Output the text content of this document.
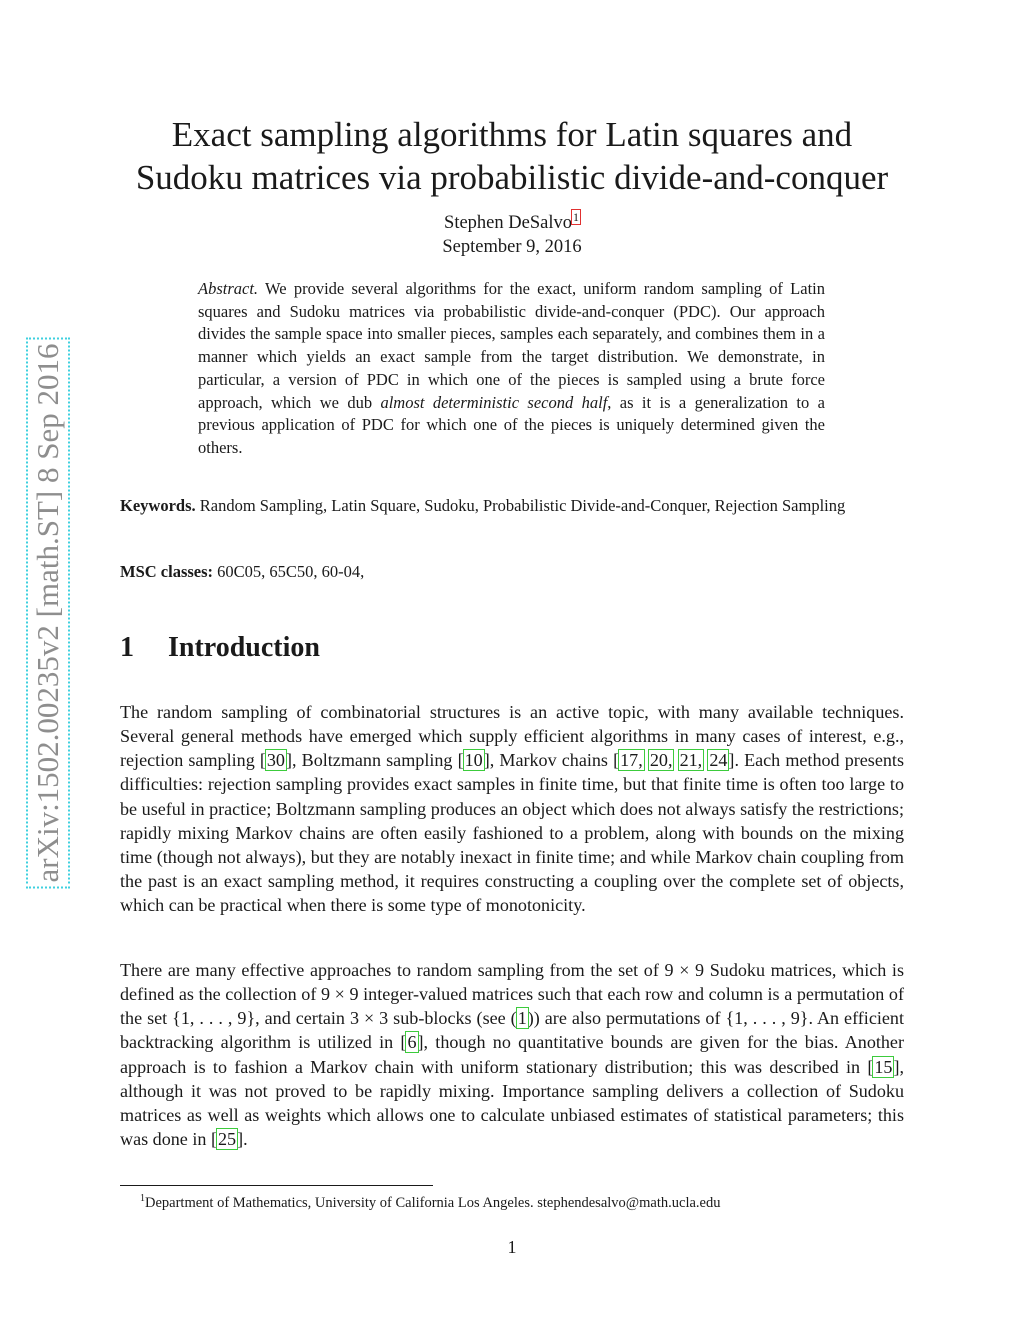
arXiv:1502.00235v2 [math.ST] 8 Sep 2016
Exact sampling algorithms for Latin squares and
Sudoku matrices via probabilistic divide-and-conquer
Stephen DeSalvo$^1$
September 9, 2016

Abstract. We provide several algorithms for the exact, uniform random sampling of Latin squares and Sudoku matrices via probabilistic divide-and-conquer (PDC). Our approach divides the sample space into smaller pieces, samples each separately, and combines them in a manner which yields an exact sample from the target distribution. We demonstrate, in particular, a version of PDC in which one of the pieces is sampled using a brute force approach, which we dub almost deterministic second half, as it is a generalization to a previous application of PDC for which one of the pieces is uniquely determined given the others.

Keywords. Random Sampling, Latin Square, Sudoku, Probabilistic Divide-and-Conquer, Rejection Sampling

MSC classes: 60C05, 65C50, 60-04,

1 Introduction

The random sampling of combinatorial structures is an active topic, with many available techniques. Several general methods have emerged which supply efficient algorithms in many cases of interest, e.g., rejection sampling [30], Boltzmann sampling [10], Markov chains [17, 20, 21, 24]. Each method presents difficulties: rejection sampling provides exact samples in finite time, but that finite time is often too large to be useful in practice; Boltzmann sampling produces an object which does not always satisfy the restrictions; rapidly mixing Markov chains are often easily fashioned to a problem, along with bounds on the mixing time (though not always), but they are notably inexact in finite time; and while Markov chain coupling from the past is an exact sampling method, it requires constructing a coupling over the complete set of objects, which can be practical when there is some type of monotonicity.

There are many effective approaches to random sampling from the set of 9 × 9 Sudoku matrices, which is defined as the collection of 9 × 9 integer-valued matrices such that each row and column is a permutation of the set {1, . . . , 9}, and certain 3 × 3 sub-blocks (see (1)) are also permutations of {1, . . . , 9}. An efficient backtracking algorithm is utilized in [6], though no quantitative bounds are given for the bias. Another approach is to fashion a Markov chain with uniform stationary distribution; this was described in [15], although it was not proved to be rapidly mixing. Importance sampling delivers a collection of Sudoku matrices as well as weights which allows one to calculate unbiased estimates of statistical parameters; this was done in [25].

$^1$Department of Mathematics, University of California Los Angeles. stephendesalvo@math.ucla.edu

1
